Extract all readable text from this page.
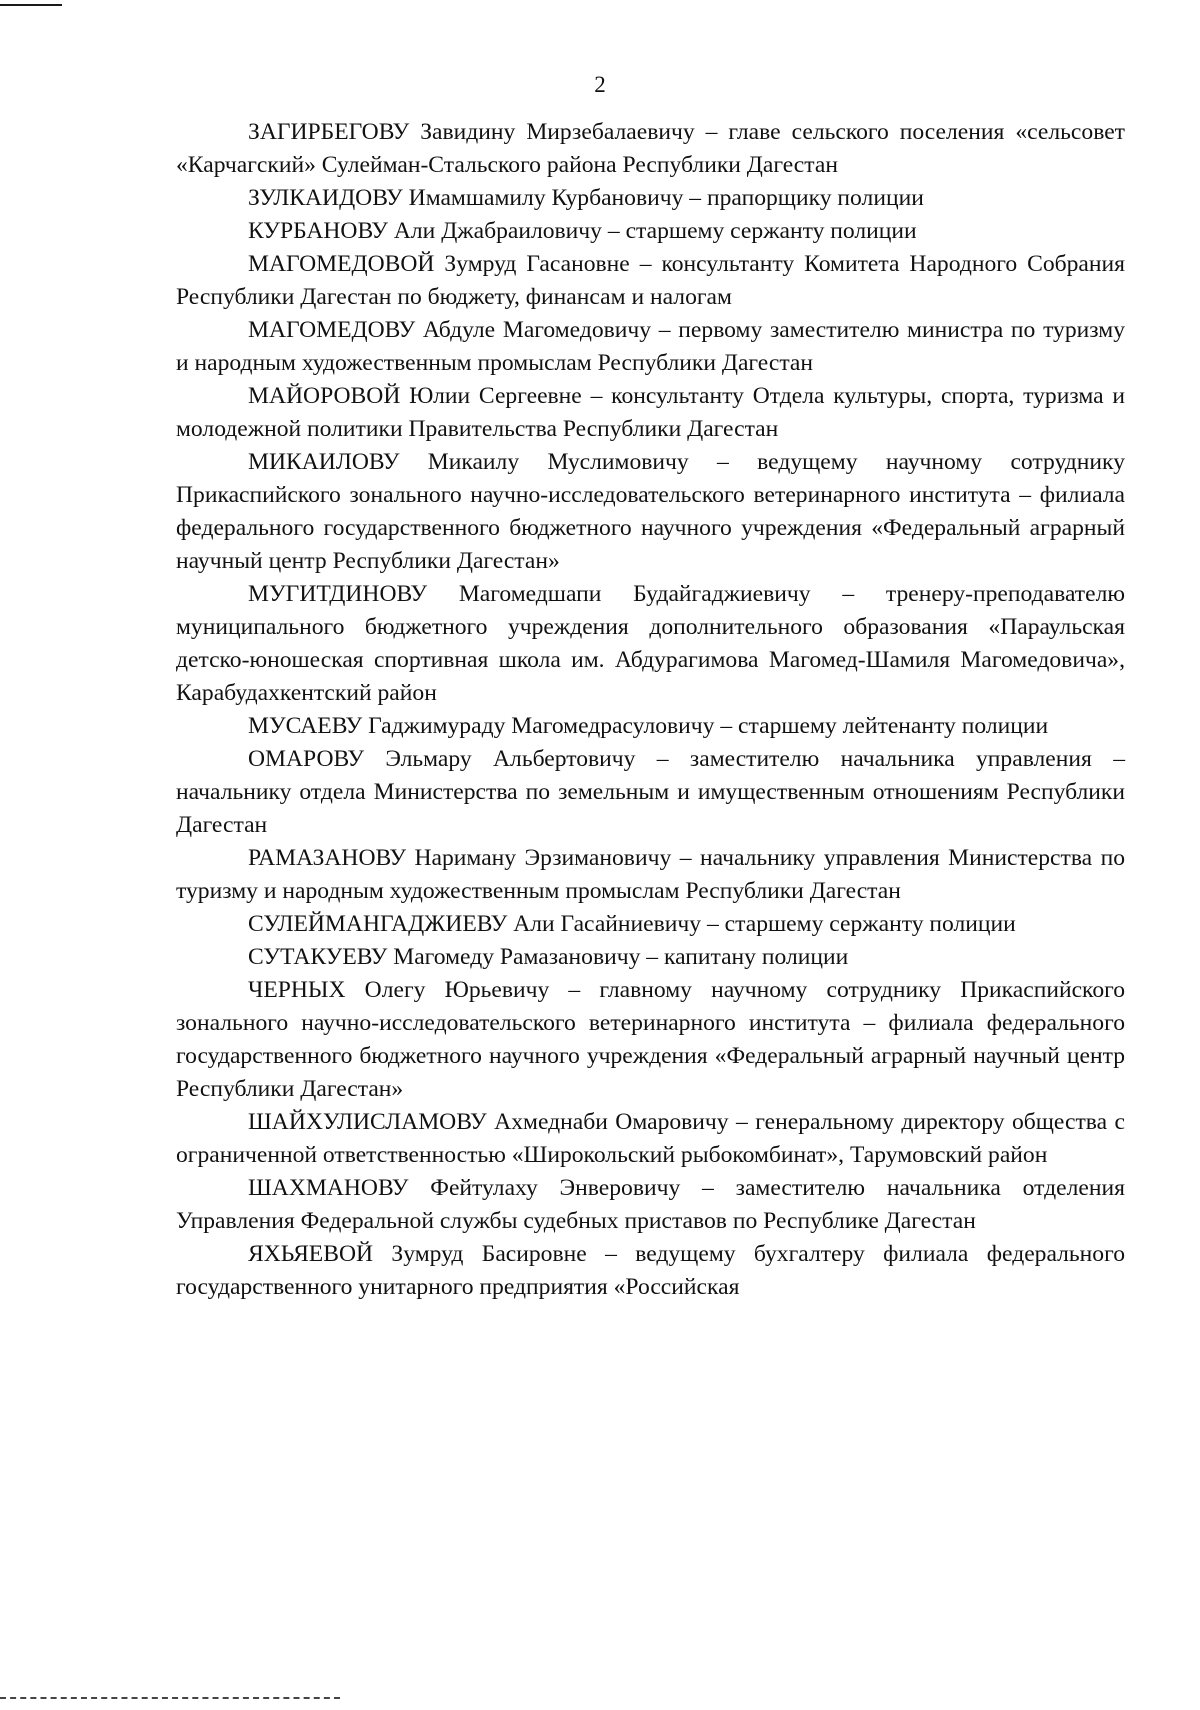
2

ЗАГИРБЕГОВУ Завидину Мирзебалаевичу – главе сельского поселения «сельсовет «Карчагский» Сулейман-Стальского района Республики Дагестан

ЗУЛКАИДОВУ Имамшамилу Курбановичу – прапорщику полиции

КУРБАНОВУ Али Джабраиловичу – старшему сержанту полиции

МАГОМЕДОВОЙ Зумруд Гасановне – консультанту Комитета Народного Собрания Республики Дагестан по бюджету, финансам и налогам

МАГОМЕДОВУ Абдуле Магомедовичу – первому заместителю министра по туризму и народным художественным промыслам Республики Дагестан

МАЙОРОВОЙ Юлии Сергеевне – консультанту Отдела культуры, спорта, туризма и молодежной политики Правительства Республики Дагестан

МИКАИЛОВУ Микаилу Муслимовичу – ведущему научному сотруднику Прикаспийского зонального научно-исследовательского ветеринарного института – филиала федерального государственного бюджетного научного учреждения «Федеральный аграрный научный центр Республики Дагестан»

МУГИТДИНОВУ Магомедшапи Будайгаджиевичу – тренеру-преподавателю муниципального бюджетного учреждения дополнительного образования «Параульская детско-юношеская спортивная школа им. Абдурагимова Магомед-Шамиля Магомедовича», Карабудахкентский район

МУСАЕВУ Гаджимураду Магомедрасуловичу – старшему лейтенанту полиции

ОМАРОВУ Эльмару Альбертовичу – заместителю начальника управления – начальнику отдела Министерства по земельным и имущественным отношениям Республики Дагестан

РАМАЗАНОВУ Нариману Эрзимановичу – начальнику управления Министерства по туризму и народным художественным промыслам Республики Дагестан

СУЛЕЙМАНГАДЖИЕВУ Али Гасайниевичу – старшему сержанту полиции

СУТАКУЕВУ Магомеду Рамазановичу – капитану полиции

ЧЕРНЫХ Олегу Юрьевичу – главному научному сотруднику Прикаспийского зонального научно-исследовательского ветеринарного института – филиала федерального государственного бюджетного научного учреждения «Федеральный аграрный научный центр Республики Дагестан»

ШАЙХУЛИСЛАМОВУ Ахмеднаби Омаровичу – генеральному директору общества с ограниченной ответственностью «Широкольский рыбокомбинат», Тарумовский район

ШАХМАНОВУ Фейтулаху Энверовичу – заместителю начальника отделения Управления Федеральной службы судебных приставов по Республике Дагестан

ЯХЬЯЕВОЙ Зумруд Басировне – ведущему бухгалтеру филиала федерального государственного унитарного предприятия «Российская
